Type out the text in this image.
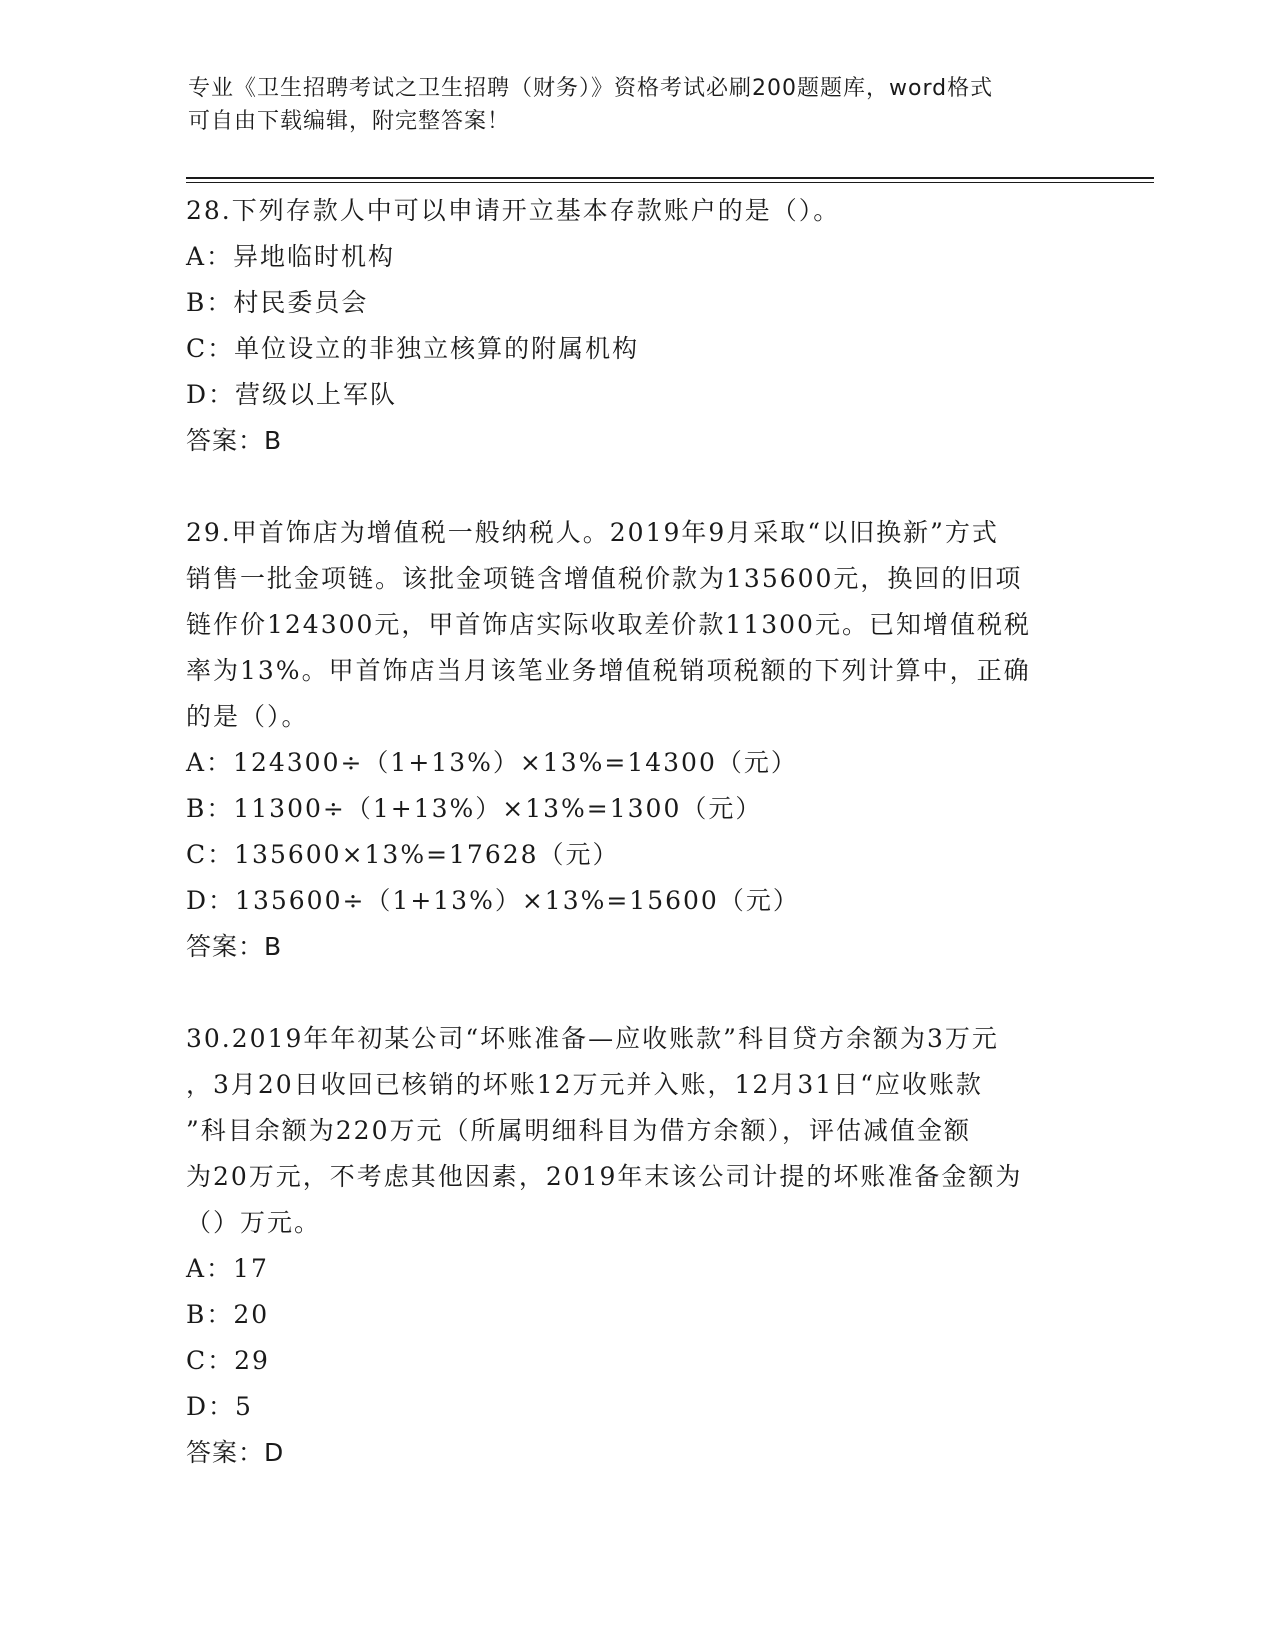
专业《卫生招聘考试之卫生招聘（财务）》资格考试必刷200题题库，word格式
可自由下载编辑，附完整答案！
28.下列存款人中可以申请开立基本存款账户的是（）。
A：异地临时机构
B：村民委员会
C：单位设立的非独立核算的附属机构
D：营级以上军队
答案：B
29.甲首饰店为增值税一般纳税人。2019年9月采取“以旧换新”方式
销售一批金项链。该批金项链含增值税价款为135600元，换回的旧项
链作价124300元，甲首饰店实际收取差价款11300元。已知增值税税
率为13%。甲首饰店当月该笔业务增值税销项税额的下列计算中，正确
的是（）。
A：124300÷（1+13%）×13%=14300（元）
B：11300÷（1+13%）×13%=1300（元）
C：135600×13%=17628（元）
D：135600÷（1+13%）×13%=15600（元）
答案：B
30.2019年年初某公司“坏账准备—应收账款”科目贷方余额为3万元
，3月20日收回已核销的坏账12万元并入账，12月31日“应收账款
”科目余额为220万元（所属明细科目为借方余额），评估减值金额
为20万元，不考虑其他因素，2019年末该公司计提的坏账准备金额为
（）万元。
A：17
B：20
C：29
D：5
答案：D
